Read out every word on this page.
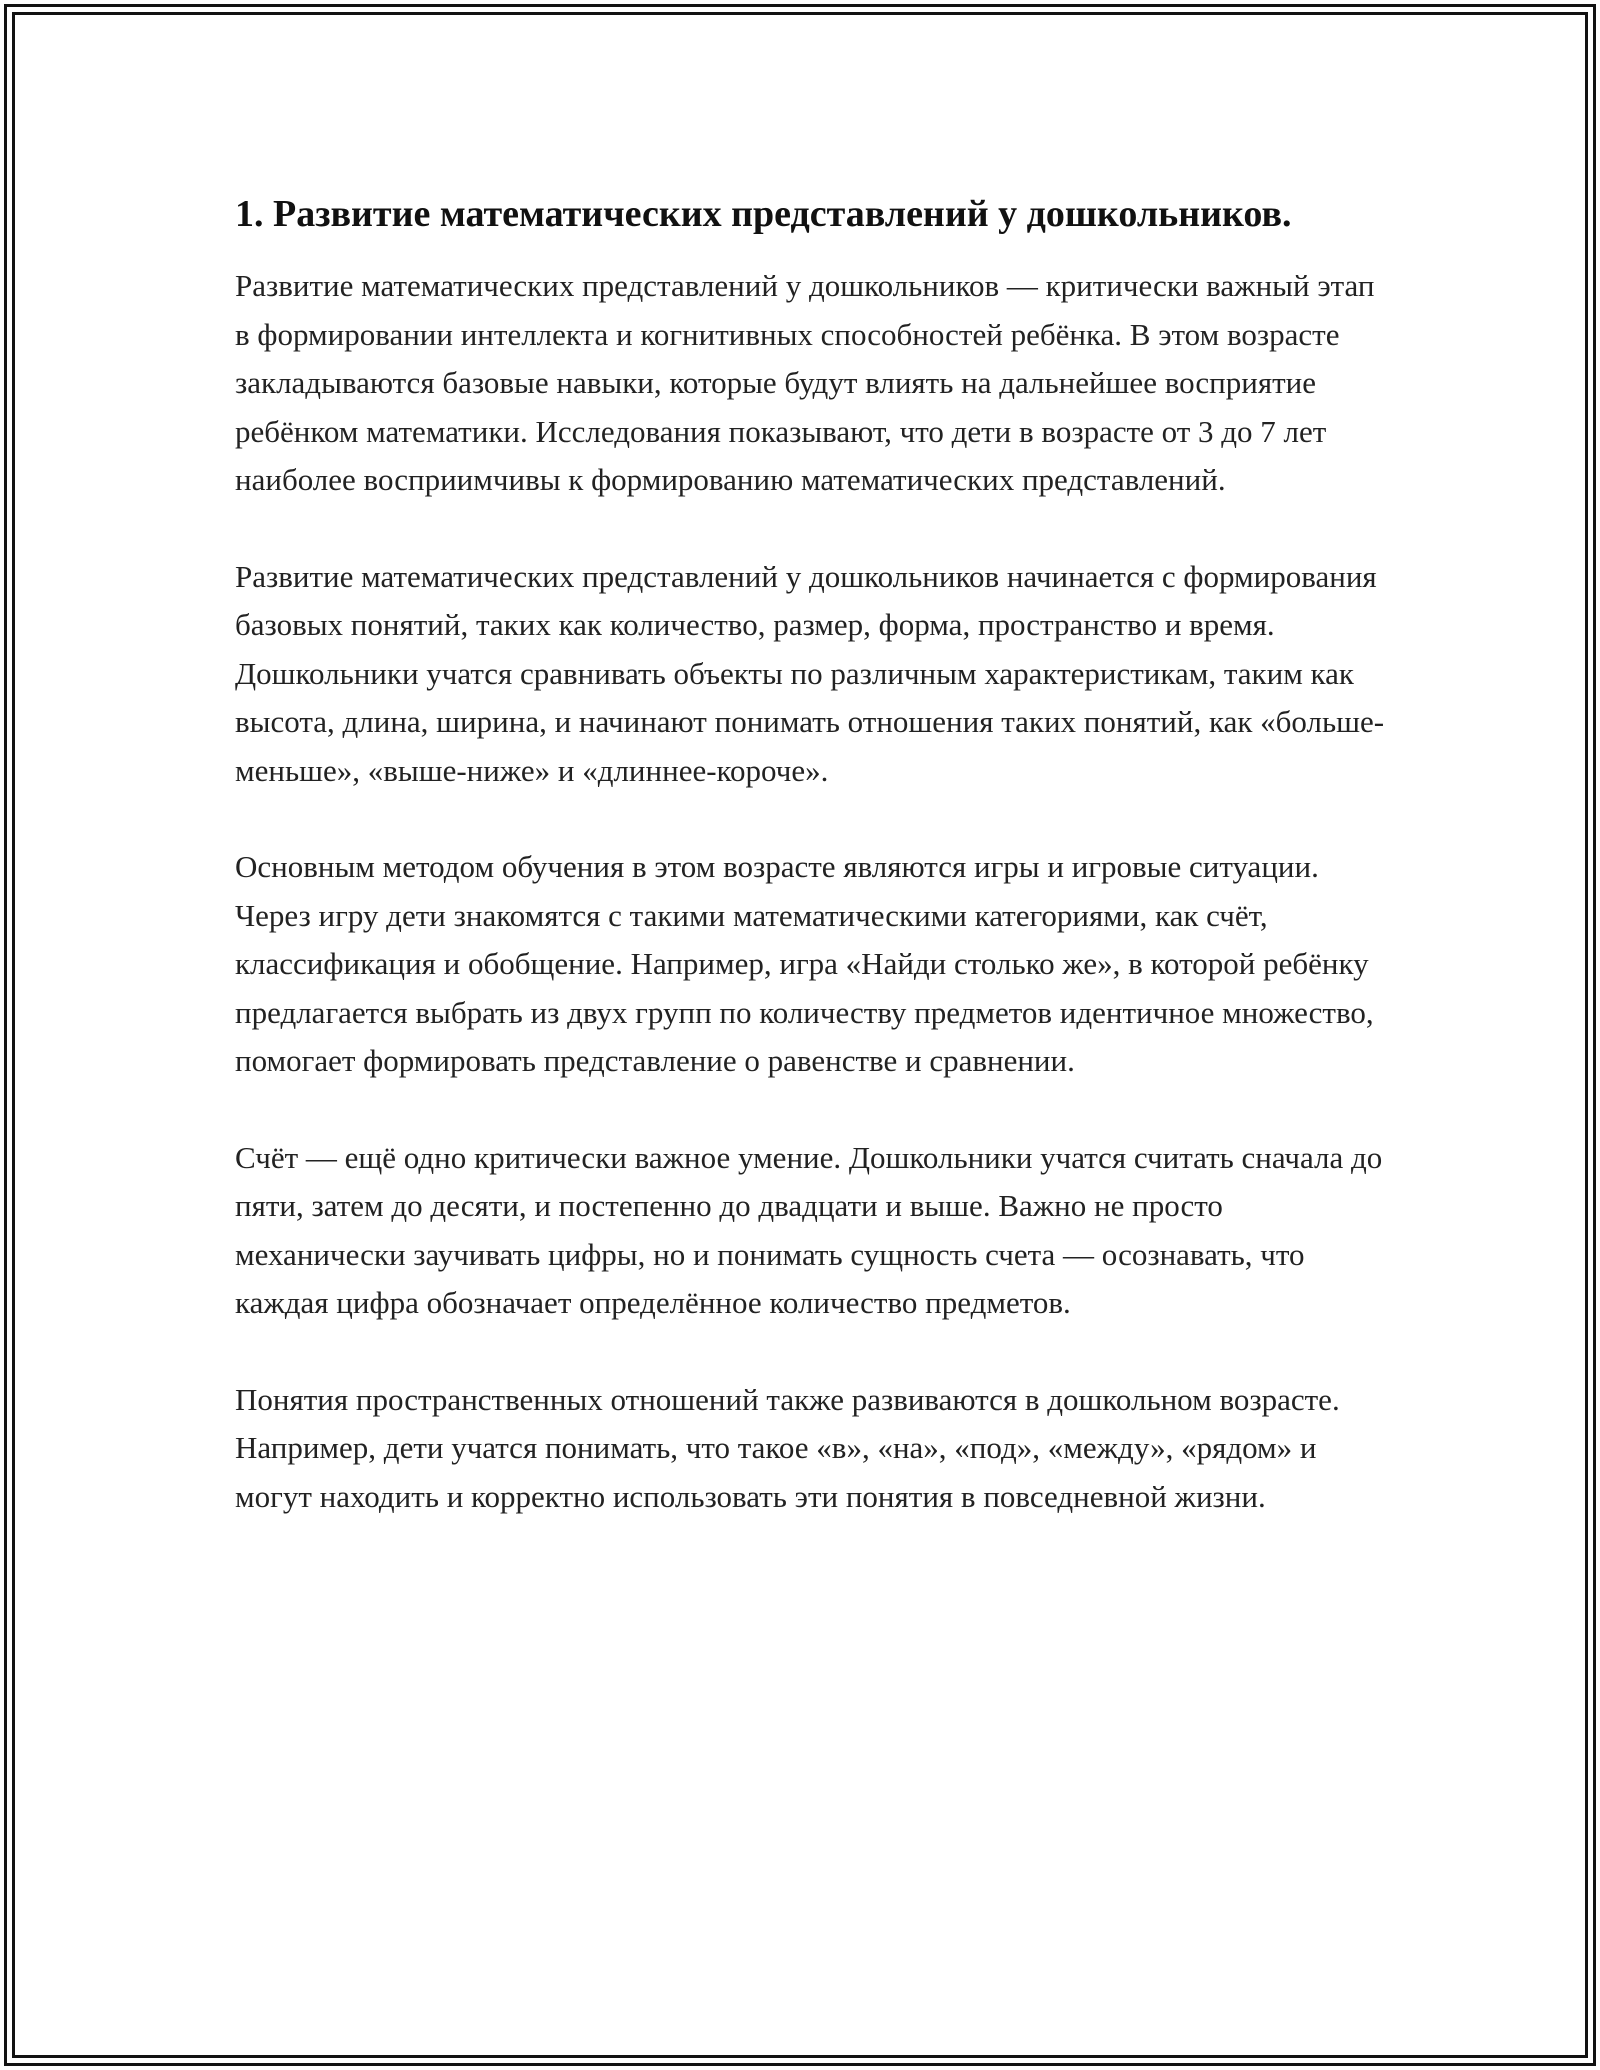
1. Развитие математических представлений у дошкольников.

Развитие математических представлений у дошкольников — критически важный этап в формировании интеллекта и когнитивных способностей ребёнка. В этом возрасте закладываются базовые навыки, которые будут влиять на дальнейшее восприятие ребёнком математики. Исследования показывают, что дети в возрасте от 3 до 7 лет наиболее восприимчивы к формированию математических представлений.

Развитие математических представлений у дошкольников начинается с формирования базовых понятий, таких как количество, размер, форма, пространство и время. Дошкольники учатся сравнивать объекты по различным характеристикам, таким как высота, длина, ширина, и начинают понимать отношения таких понятий, как «больше-меньше», «выше-ниже» и «длиннее-короче».

Основным методом обучения в этом возрасте являются игры и игровые ситуации. Через игру дети знакомятся с такими математическими категориями, как счёт, классификация и обобщение. Например, игра «Найди столько же», в которой ребёнку предлагается выбрать из двух групп по количеству предметов идентичное множество, помогает формировать представление о равенстве и сравнении.

Счёт — ещё одно критически важное умение. Дошкольники учатся считать сначала до пяти, затем до десяти, и постепенно до двадцати и выше. Важно не просто механически заучивать цифры, но и понимать сущность счета — осознавать, что каждая цифра обозначает определённое количество предметов.

Понятия пространственных отношений также развиваются в дошкольном возрасте. Например, дети учатся понимать, что такое «в», «на», «под», «между», «рядом» и могут находить и корректно использовать эти понятия в повседневной жизни.
